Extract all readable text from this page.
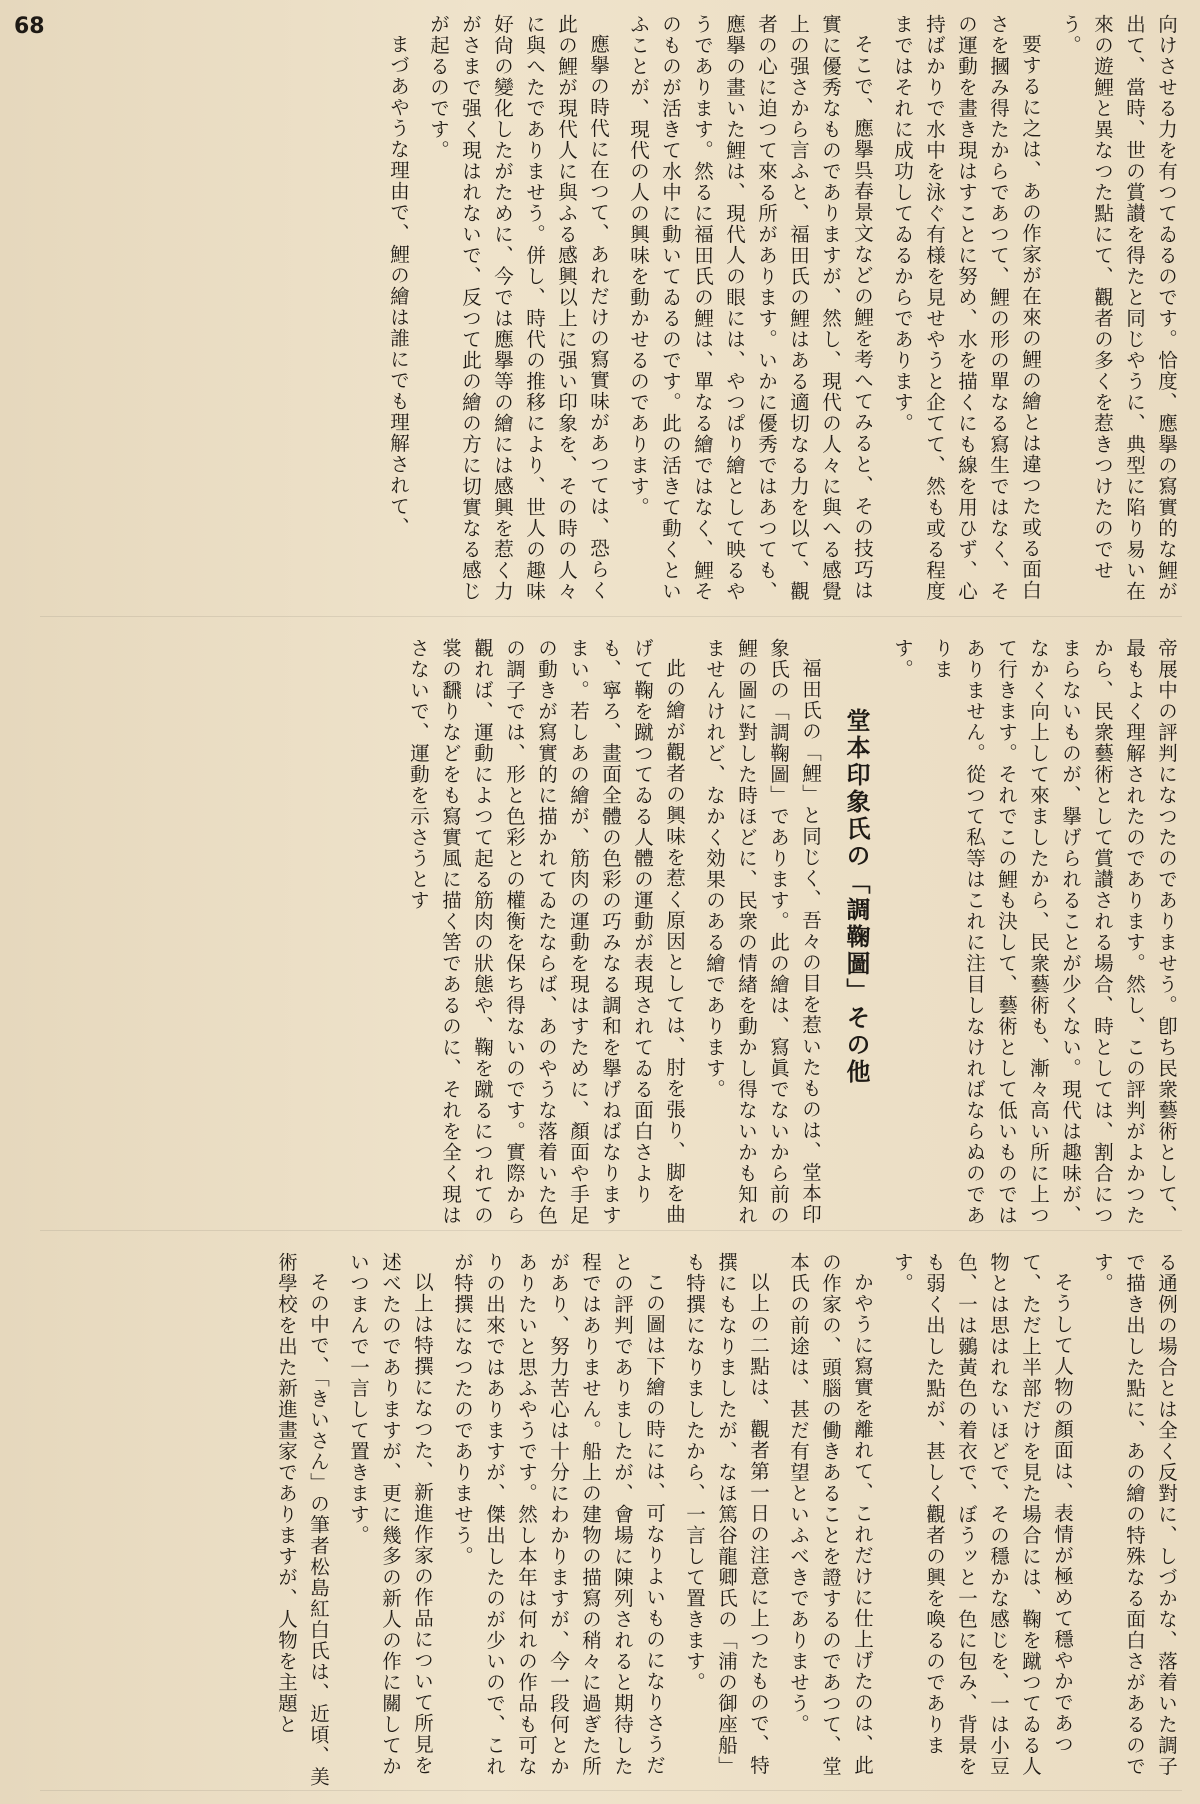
68	向けさせる力を有つてゐるのです。恰度、應擧の寫實的な鯉が出て、當時、世の賞讃を得たと同じやうに、典型に陷り易い在來の遊鯉と異なつた點にて、觀者の多くを惹きつけたのでせう。

要するに之は、あの作家が在來の鯉の繪とは違つた或る面白さを摑み得たからであつて、鯉の形の單なる寫生ではなく、その運動を畫き現はすことに努め、水を描くにも線を用ひず、心持ばかりで水中を泳ぐ有様を見せやうと企てて、然も或る程度まではそれに成功してゐるからであります。

そこで、應擧呉春景文などの鯉を考へてみると、その技巧は實に優秀なものでありますが、然し、現代の人々に與へる感覺上の强さから言ふと、福田氏の鯉はある適切なる力を以て、觀者の心に迫つて來る所があります。いかに優秀ではあつても、應擧の畫いた鯉は、現代人の眼には、やつぱり繪として映るやうであります。然るに福田氏の鯉は、單なる繪ではなく、鯉そのものが活きて水中に動いてゐるのです。此の活きて動くといふことが、現代の人の興味を動かせるのであります。

應擧の時代に在つて、あれだけの寫實味があつては、恐らく此の鯉が現代人に與ふる感興以上に强い印象を、その時の人々に與へたでありませう。併し、時代の推移により、世人の趣味好尙の變化したがために、今では應擧等の繪には感興を惹く力がさまで强く現はれないで、反つて此の繪の方に切實なる感じが起るのです。

まづあやうな理由で、鯉の繪は誰にでも理解されて、

帝展中の評判になつたのでありませう。卽ち民衆藝術として、最もよく理解されたのであります。然し、この評判がよかつたから、民衆藝術として賞讃される場合、時としては、割合につまらないものが、擧げられることが少くない。現代は趣味が、なかく向上して來ましたから、民衆藝術も、漸々高い所に上つて行きます。それでこの鯉も決して、藝術として低いものではありません。從つて私等はこれに注目しなければならぬのでありま

す。

堂本印象氏の「調鞠圖」その他

福田氏の「鯉」と同じく、吾々の目を惹いたものは、堂本印象氏の「調鞠圖」であります。此の繪は、寫眞でないから前の鯉の圖に對した時ほどに、民衆の情緖を動かし得ないかも知れませんけれど、なかく効果のある繪であります。

此の繪が觀者の興味を惹く原因としては、肘を張り、脚を曲げて鞠を蹴つてゐる人體の運動が表現されてゐる面白さよりも、寧ろ、畫面全體の色彩の巧みなる調和を擧げねばなりますまい。若しあの繪が、筋肉の運動を現はすために、顏面や手足の動きが寫實的に描かれてゐたならば、あのやうな落着いた色の調子では、形と色彩との權衡を保ち得ないのです。實際から觀れば、運動によつて起る筋肉の狀態や、鞠を蹴るにつれての裳の飜りなどをも寫實風に描く筈であるのに、それを全く現はさないで、運動を示さうとす

る通例の場合とは全く反對に、しづかな、落着いた調子で描き出した點に、あの繪の特殊なる面白さがあるのです。

そうして人物の顏面は、表情が極めて穩やかであつて、ただ上半部だけを見た場合には、鞠を蹴つてゐる人物とは思はれないほどで、その穩かな感じを、一は小豆色、一は鶸黃色の着衣で、ぼうッと一色に包み、背景をも弱く出した點が、甚しく觀者の興を喚るのであります。

かやうに寫實を離れて、これだけに仕上げたのは、此の作家の、頭腦の働きあることを證するのであつて、堂本氏の前途は、甚だ有望といふべきでありませう。

以上の二點は、觀者第一日の注意に上つたもので、特撰にもなりましたが、なほ篤谷龍卿氏の「浦の御座船」も特撰になりましたから、一言して置きます。

この圖は下繪の時には、可なりよいものになりさうだとの評判でありましたが、會場に陳列されると期待した程ではありません。船上の建物の描寫の稍々に過ぎた所があり、努力苦心は十分にわかりますが、今一段何とかありたいと思ふやうです。然し本年は何れの作品も可なりの出來ではありますが、傑出したのが少いので、これが特撰になつたのでありませう。

以上は特撰になつた、新進作家の作品について所見を述べたのでありますが、更に幾多の新人の作に關してかいつまんで一言して置きます。

その中で、「きいさん」の筆者松島紅白氏は、近頃、美術學校を出た新進畫家でありますが、人物を主題と
